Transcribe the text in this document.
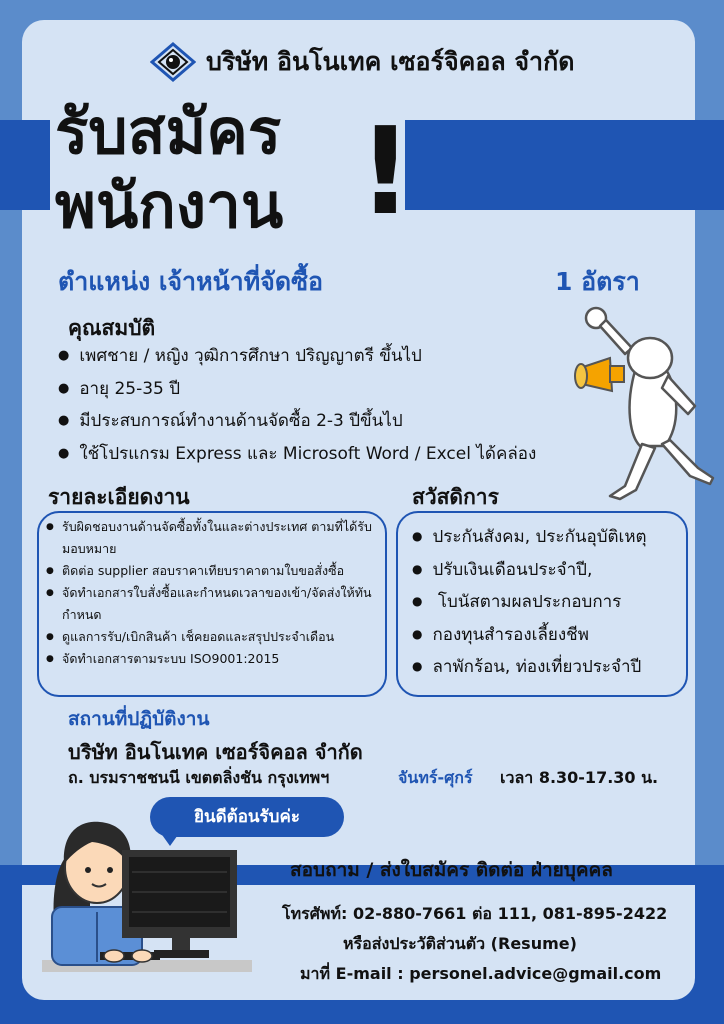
บริษัท อินโนเทค เซอร์จิคอล จำกัด
รับสมัคร
พนักงาน !
ตำแหน่ง เจ้าหน้าที่จัดซื้อ	1 อัตรา
คุณสมบัติ
● เพศชาย / หญิง วุฒิการศึกษา ปริญญาตรี ขึ้นไป
● อายุ 25-35 ปี
● มีประสบการณ์ทำงานด้านจัดซื้อ 2-3 ปีขึ้นไป
● ใช้โปรแกรม Express และ Microsoft Word / Excel ได้คล่อง
รายละเอียดงาน	สวัสดิการ
● รับผิดชอบงานด้านจัดซื้อทั้งในและต่างประเทศ ตามที่ได้รับมอบหมาย
● ติดต่อ supplier สอบราคาเทียบราคาตามใบขอสั่งซื้อ
● จัดทำเอกสารใบสั่งซื้อและกำหนดเวลาของเข้า/จัดส่งให้ทันกำหนด
● ดูแลการรับ/เบิกสินค้า เช็คยอดและสรุปประจำเดือน
● จัดทำเอกสารตามระบบ ISO9001:2015
● ประกันสังคม, ประกันอุบัติเหตุ
● ปรับเงินเดือนประจำปี,
● โบนัสตามผลประกอบการ
● กองทุนสำรองเลี้ยงชีพ
● ลาพักร้อน, ท่องเที่ยวประจำปี
สถานที่ปฏิบัติงาน
บริษัท อินโนเทค เซอร์จิคอล จำกัด
ถ. บรมราชชนนี เขตตลิ่งชัน กรุงเทพฯ	จันทร์-ศุกร์ เวลา 8.30-17.30 น.
ยินดีต้อนรับค่ะ
สอบถาม / ส่งใบสมัคร ติดต่อ ฝ่ายบุคคล
โทรศัพท์: 02-880-7661 ต่อ 111, 081-895-2422
หรือส่งประวัติส่วนตัว (Resume)
มาที่ E-mail : personel.advice@gmail.com
